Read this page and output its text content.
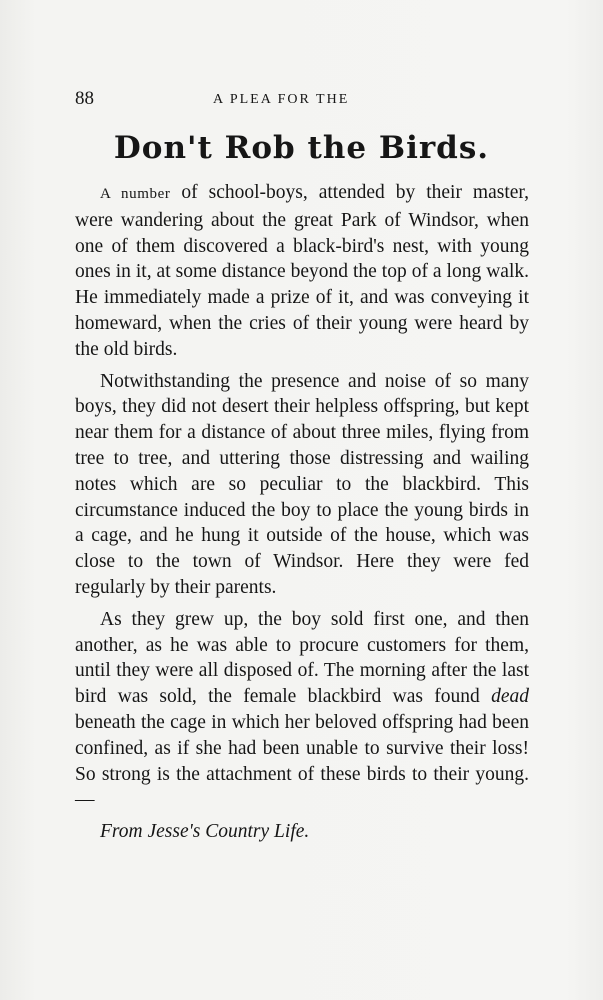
88	A PLEA FOR THE
Don't Rob the Birds.

A number of school-boys, attended by their master, were wandering about the great Park of Windsor, when one of them discovered a black-bird's nest, with young ones in it, at some distance beyond the top of a long walk. He immediately made a prize of it, and was conveying it homeward, when the cries of their young were heard by the old birds.

Notwithstanding the presence and noise of so many boys, they did not desert their helpless offspring, but kept near them for a distance of about three miles, flying from tree to tree, and uttering those distressing and wailing notes which are so peculiar to the blackbird. This circumstance induced the boy to place the young birds in a cage, and he hung it outside of the house, which was close to the town of Windsor. Here they were fed regularly by their parents.

As they grew up, the boy sold first one, and then another, as he was able to procure customers for them, until they were all disposed of. The morning after the last bird was sold, the female blackbird was found dead beneath the cage in which her beloved offspring had been confined, as if she had been unable to survive their loss! So strong is the attachment of these birds to their young.—

From Jesse's Country Life.
